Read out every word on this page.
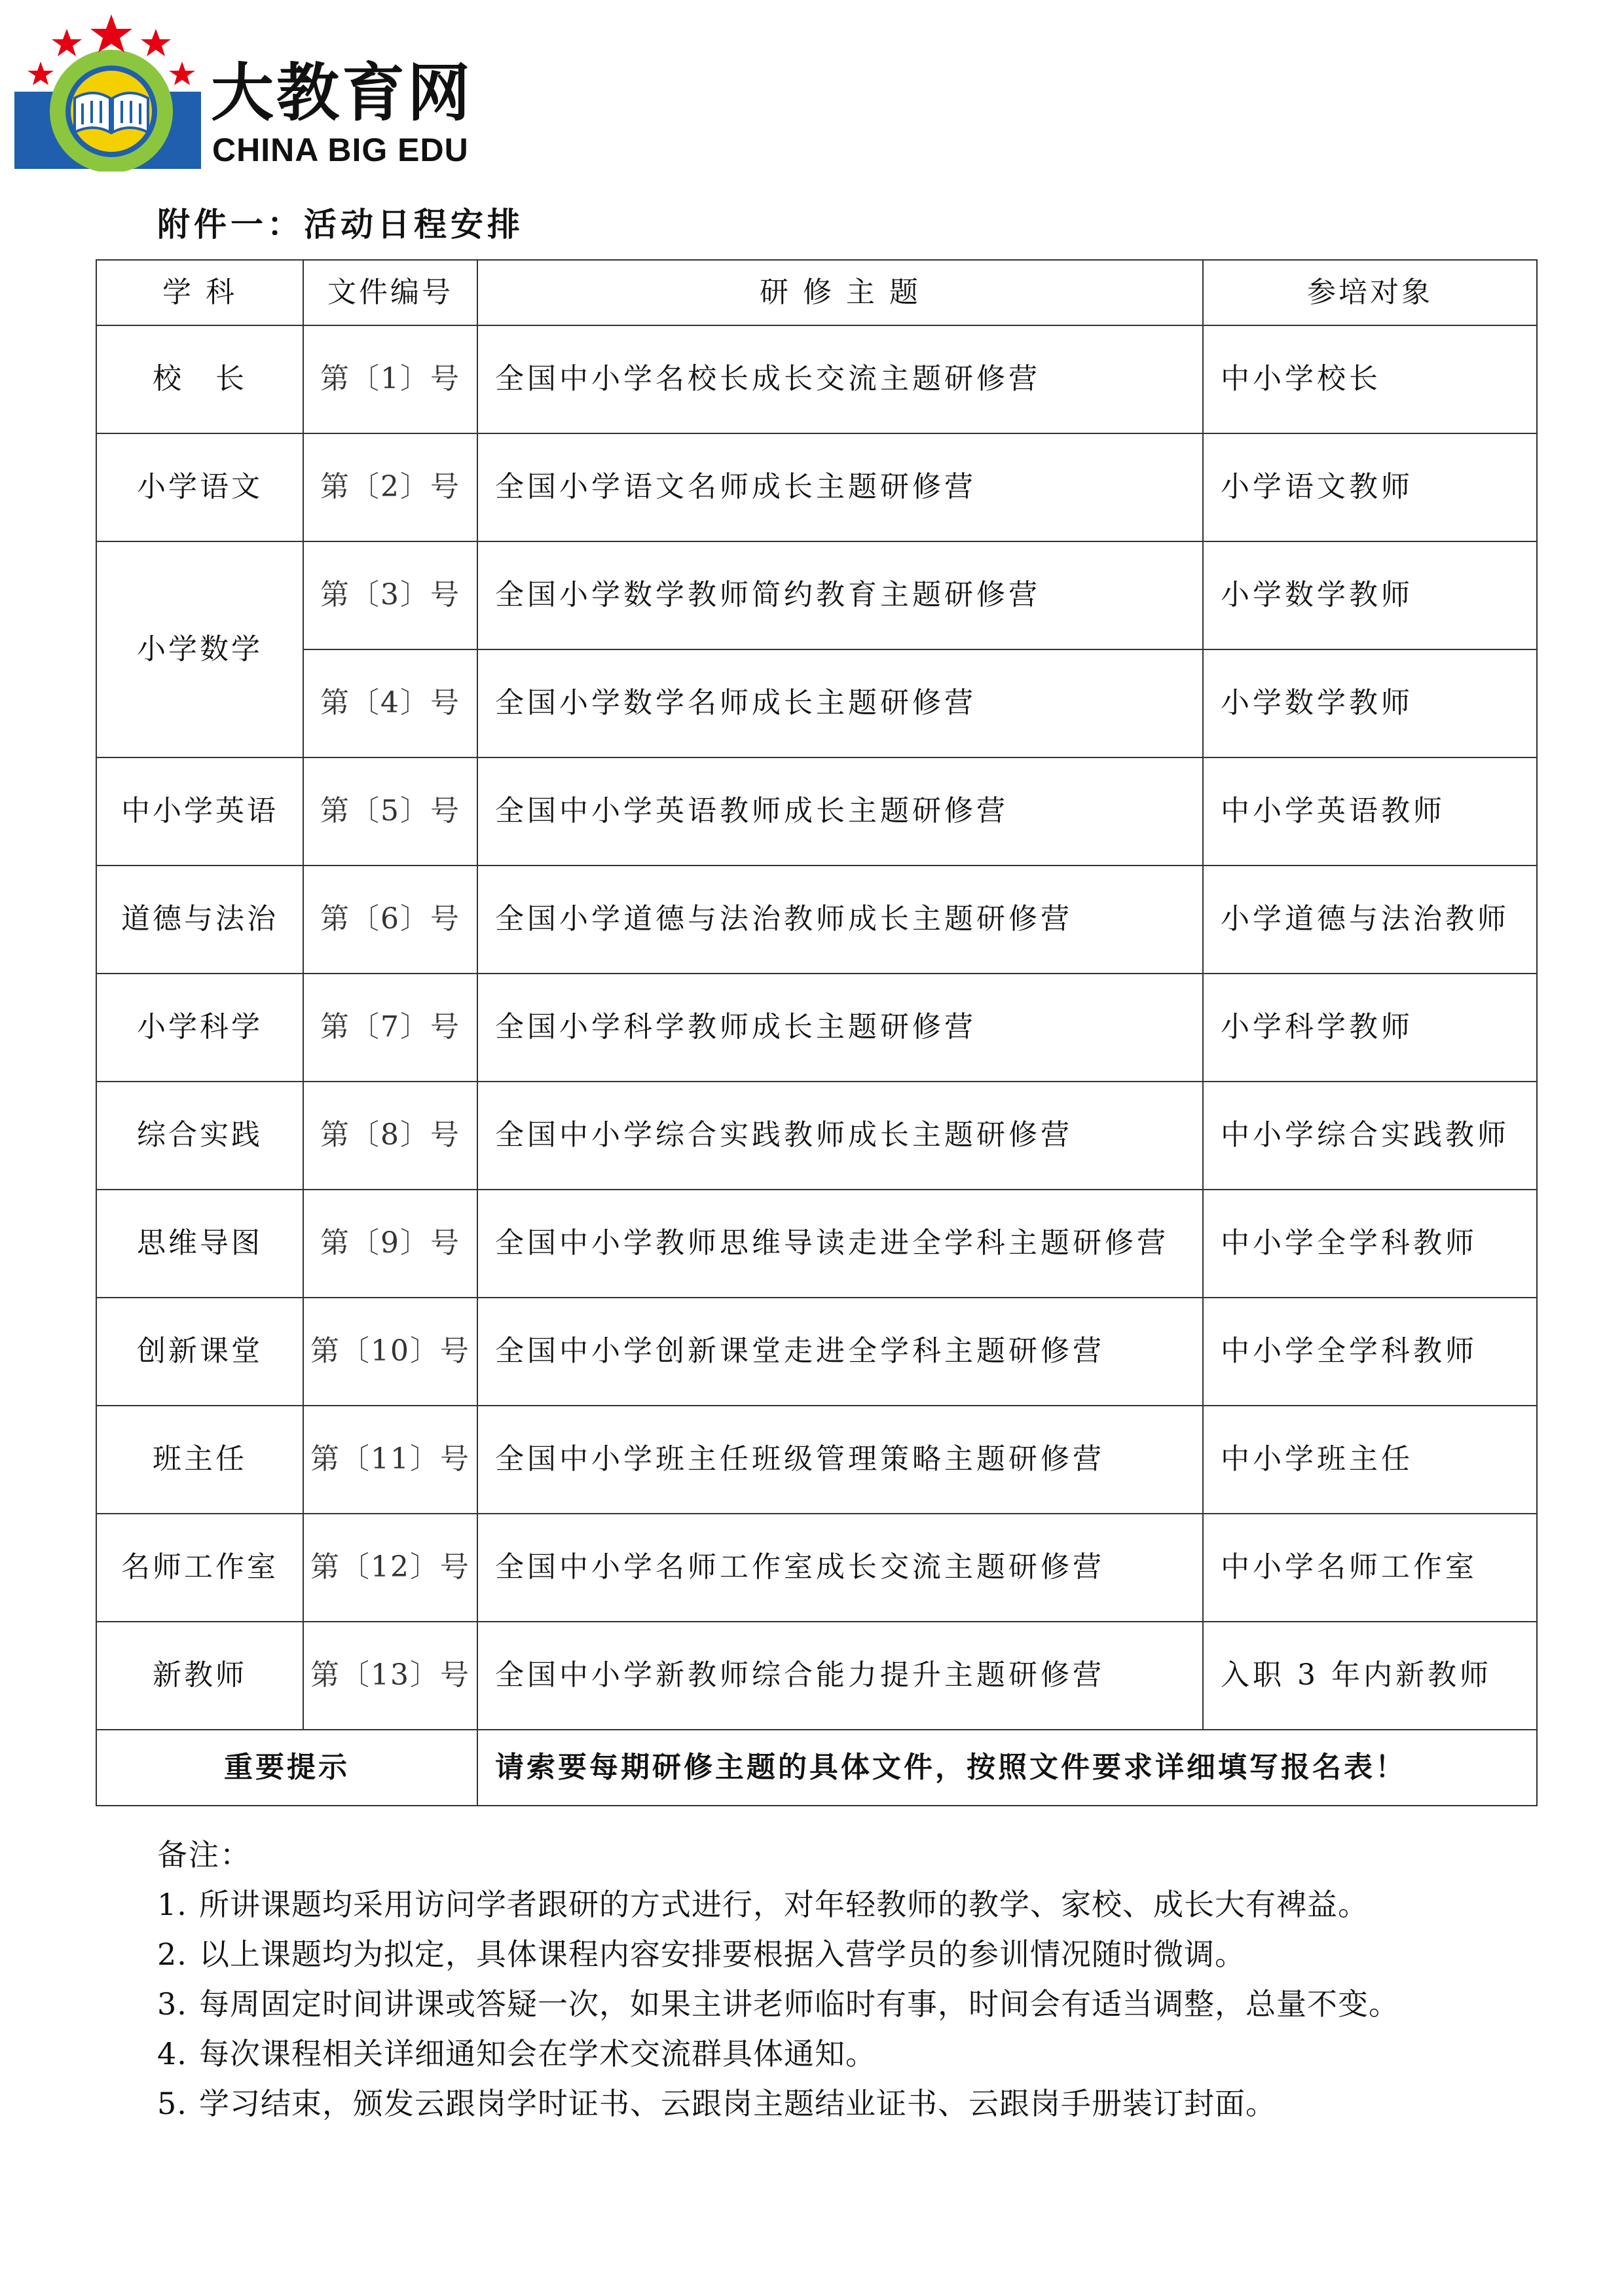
大教育网
CHINA BIG EDU
附件一：活动日程安排
学 科	文件编号	研 修 主 题	参培对象
校　长	第〔1〕号	全国中小学名校长成长交流主题研修营	中小学校长
小学语文	第〔2〕号	全国小学语文名师成长主题研修营	小学语文教师
小学数学	第〔3〕号	全国小学数学教师简约教育主题研修营	小学数学教师
	第〔4〕号	全国小学数学名师成长主题研修营	小学数学教师
中小学英语	第〔5〕号	全国中小学英语教师成长主题研修营	中小学英语教师
道德与法治	第〔6〕号	全国小学道德与法治教师成长主题研修营	小学道德与法治教师
小学科学	第〔7〕号	全国小学科学教师成长主题研修营	小学科学教师
综合实践	第〔8〕号	全国中小学综合实践教师成长主题研修营	中小学综合实践教师
思维导图	第〔9〕号	全国中小学教师思维导读走进全学科主题研修营	中小学全学科教师
创新课堂	第〔10〕号	全国中小学创新课堂走进全学科主题研修营	中小学全学科教师
班主任	第〔11〕号	全国中小学班主任班级管理策略主题研修营	中小学班主任
名师工作室	第〔12〕号	全国中小学名师工作室成长交流主题研修营	中小学名师工作室
新教师	第〔13〕号	全国中小学新教师综合能力提升主题研修营	入职 3 年内新教师
重要提示		请索要每期研修主题的具体文件，按照文件要求详细填写报名表！	
备注：
1. 所讲课题均采用访问学者跟研的方式进行，对年轻教师的教学、家校、成长大有裨益。
2. 以上课题均为拟定，具体课程内容安排要根据入营学员的参训情况随时微调。
3. 每周固定时间讲课或答疑一次，如果主讲老师临时有事，时间会有适当调整，总量不变。
4. 每次课程相关详细通知会在学术交流群具体通知。
5. 学习结束，颁发云跟岗学时证书、云跟岗主题结业证书、云跟岗手册装订封面。
